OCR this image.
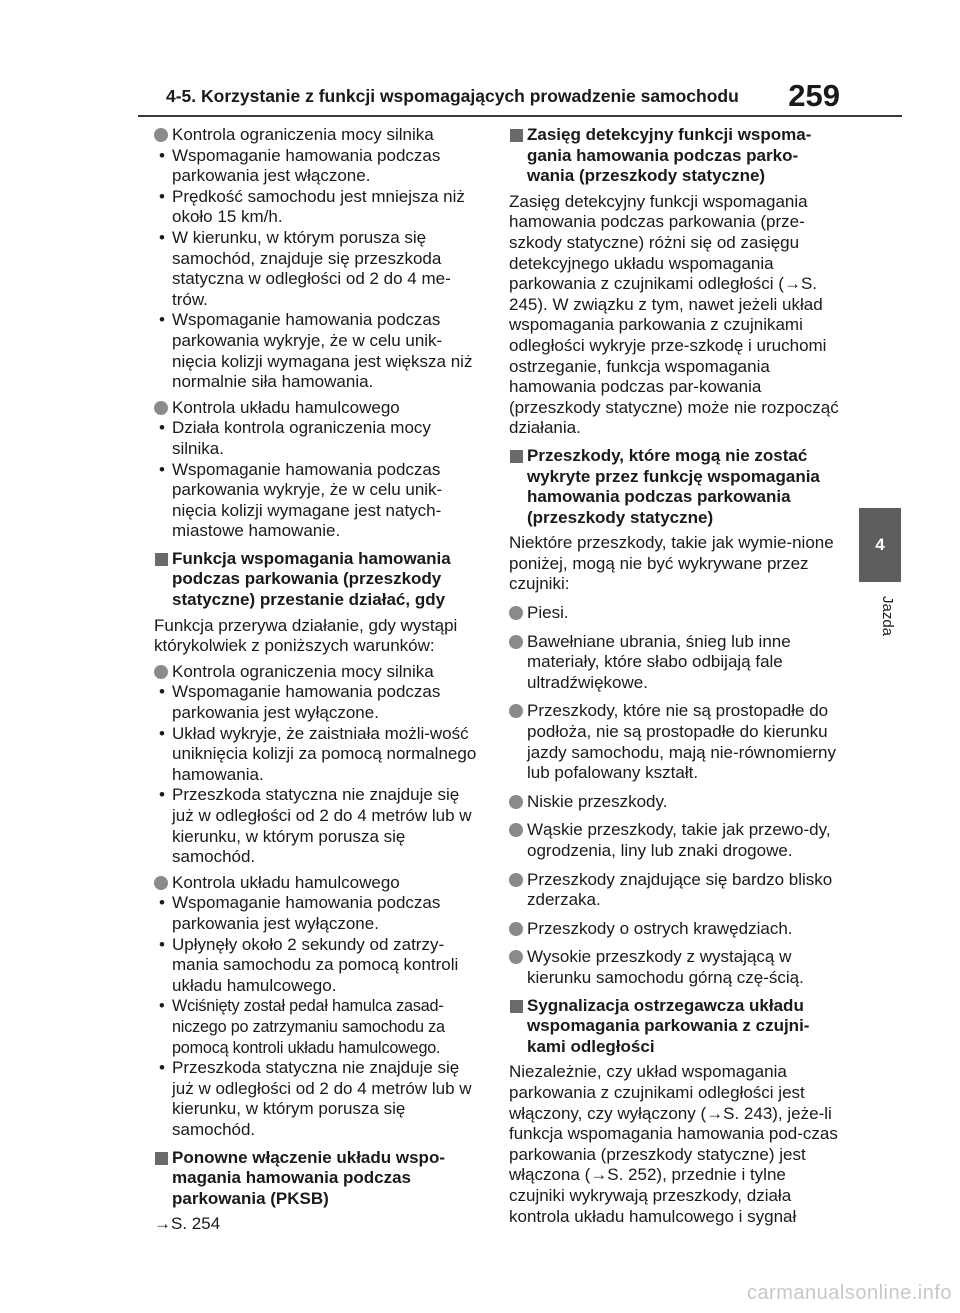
4-5. Korzystanie z funkcji wspomagających prowadzenie samochodu 259
4
Jazda
Kontrola ograniczenia mocy silnika
• Wspomaganie hamowania podczas parkowania jest włączone.
• Prędkość samochodu jest mniejsza niż około 15 km/h.
• W kierunku, w którym porusza się samochód, znajduje się przeszkoda statyczna w odległości od 2 do 4 me-trów.
• Wspomaganie hamowania podczas parkowania wykryje, że w celu unik-nięcia kolizji wymagana jest większa niż normalnie siła hamowania.
Kontrola układu hamulcowego
• Działa kontrola ograniczenia mocy silnika.
• Wspomaganie hamowania podczas parkowania wykryje, że w celu unik-nięcia kolizji wymagane jest natych-miastowe hamowanie.
Funkcja wspomagania hamowania podczas parkowania (przeszkody statyczne) przestanie działać, gdy
Funkcja przerywa działanie, gdy wystąpi którykolwiek z poniższych warunków:
Kontrola ograniczenia mocy silnika
• Wspomaganie hamowania podczas parkowania jest wyłączone.
• Układ wykryje, że zaistniała możli-wość uniknięcia kolizji za pomocą normalnego hamowania.
• Przeszkoda statyczna nie znajduje się już w odległości od 2 do 4 metrów lub w kierunku, w którym porusza się samochód.
Kontrola układu hamulcowego
• Wspomaganie hamowania podczas parkowania jest wyłączone.
• Upłynęły około 2 sekundy od zatrzy-mania samochodu za pomocą kontroli układu hamulcowego.
• Wciśnięty został pedał hamulca zasad-niczego po zatrzymaniu samochodu za pomocą kontroli układu hamulcowego.
• Przeszkoda statyczna nie znajduje się już w odległości od 2 do 4 metrów lub w kierunku, w którym porusza się samochód.
Ponowne włączenie układu wspo-magania hamowania podczas parkowania (PKSB)
→S. 254
Zasięg detekcyjny funkcji wspoma-gania hamowania podczas parko-wania (przeszkody statyczne)
Zasięg detekcyjny funkcji wspomagania hamowania podczas parkowania (prze-szkody statyczne) różni się od zasięgu detekcyjnego układu wspomagania parkowania z czujnikami odległości (→S. 245). W związku z tym, nawet jeżeli układ wspomagania parkowania z czujnikami odległości wykryje prze-szkodę i uruchomi ostrzeganie, funkcja wspomagania hamowania podczas par-kowania (przeszkody statyczne) może nie rozpocząć działania.
Przeszkody, które mogą nie zostać wykryte przez funkcję wspomagania hamowania podczas parkowania (przeszkody statyczne)
Niektóre przeszkody, takie jak wymie-nione poniżej, mogą nie być wykrywane przez czujniki:
Piesi.
Bawełniane ubrania, śnieg lub inne materiały, które słabo odbijają fale ultradźwiękowe.
Przeszkody, które nie są prostopadłe do podłoża, nie są prostopadłe do kierunku jazdy samochodu, mają nie-równomierny lub pofalowany kształt.
Niskie przeszkody.
Wąskie przeszkody, takie jak przewo-dy, ogrodzenia, liny lub znaki drogowe.
Przeszkody znajdujące się bardzo blisko zderzaka.
Przeszkody o ostrych krawędziach.
Wysokie przeszkody z wystającą w kierunku samochodu górną czę-ścią.
Sygnalizacja ostrzegawcza układu wspomagania parkowania z czujni-kami odległości
Niezależnie, czy układ wspomagania parkowania z czujnikami odległości jest włączony, czy wyłączony (→S. 243), jeże-li funkcja wspomagania hamowania pod-czas parkowania (przeszkody statyczne) jest włączona (→S. 252), przednie i tylne czujniki wykrywają przeszkody, działa kontrola układu hamulcowego i sygnał
carmanualsonline.info
